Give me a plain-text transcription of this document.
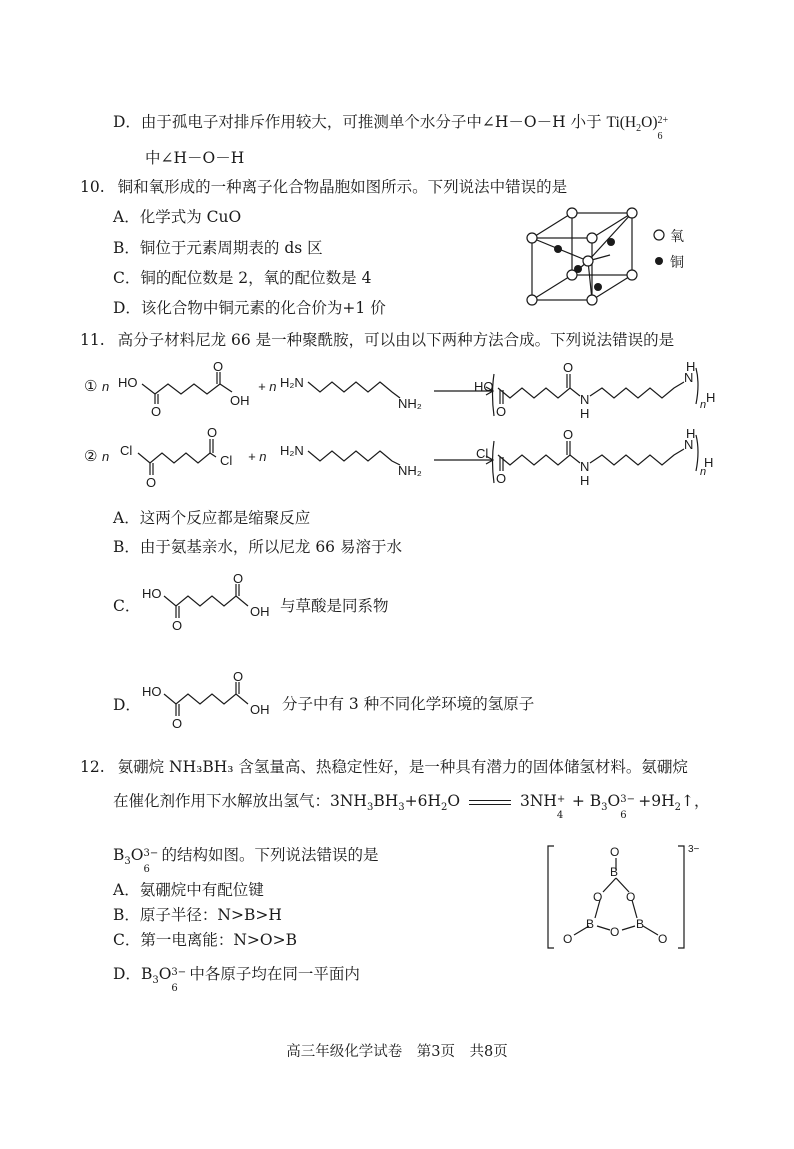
D．由于孤电子对排斥作用较大，可推测单个水分子中∠H－O－H 小于 $Ti(H_2O)$ 2+
6
中∠H－O－H
10. 铜和氧形成的一种离子化合物晶胞如图所示。下列说法中错误的是
A．化学式为 CuO
B．铜位于元素周期表的 ds 区
C．铜的配位数是 2，氧的配位数是 4
D．该化合物中铜元素的化合价为+1 价
氧
铜
11. 高分子材料尼龙 66 是一种聚酰胺，可以由以下两种方法合成。下列说法错误的是
① n HO
O
O
OH
+ n H₂N
NH₂
HO
O
O
N
H
N
H
n H
② n Cl
O
O
Cl + n H₂N
NH₂
Cl
O
O
N
H
N
H
n
H
A．这两个反应都是缩聚反应
B．由于氨基亲水，所以尼龙 66 易溶于水
C．
HO
O
O
OH 与草酸是同系物
D．
HO
O
O
OH 分子中有 3 种不同化学环境的氢原子
12. 氨硼烷 NH₃BH₃ 含氢量高、热稳定性好，是一种具有潜力的固体储氢材料。氨硼烷
在催化剂作用下水解放出氢气：$3NH_3BH_3+6H_2O$	3NH +
4
+ $B_3O$ 3−
6
$+9H_2↑$，
$B_3O$ 3−
6
的结构如图。下列说法错误的是
A．氨硼烷中有配位键
B．原子半径：N>B>H
C．第一电离能：N>O>B
D．$B_3O$ 3−
6
中各原子均在同一平面内
O
B
O O
B	B
O
O	O
3−
高三年级化学试卷　第3页　共8页
